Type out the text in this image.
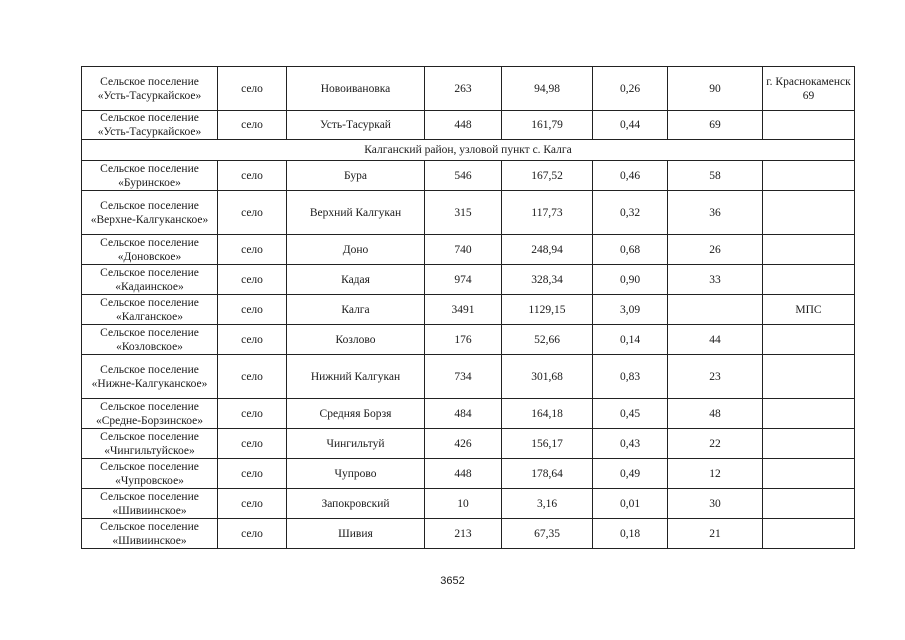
Сельское поселение «Усть-Тасуркайское»	село	Новоивановка	263	94,98	0,26	90	г. Краснокаменск 69
Сельское поселение «Усть-Тасуркайское»	село	Усть-Тасуркай	448	161,79	0,44	69	
Калганский район, узловой пункт с. Калга							
Сельское поселение «Буринское»	село	Бура	546	167,52	0,46	58	
Сельское поселение «Верхне-Калгуканское»	село	Верхний Калгукан	315	117,73	0,32	36	
Сельское поселение «Доновское»	село	Доно	740	248,94	0,68	26	
Сельское поселение «Кадаинское»	село	Кадая	974	328,34	0,90	33	
Сельское поселение «Калганское»	село	Калга	3491	1129,15	3,09		МПС
Сельское поселение «Козловское»	село	Козлово	176	52,66	0,14	44	
Сельское поселение «Нижне-Калгуканское»	село	Нижний Калгукан	734	301,68	0,83	23	
Сельское поселение «Средне-Борзинское»	село	Средняя Борзя	484	164,18	0,45	48	
Сельское поселение «Чингильтуйское»	село	Чингильтуй	426	156,17	0,43	22	
Сельское поселение «Чупровское»	село	Чупрово	448	178,64	0,49	12	
Сельское поселение «Шивиинское»	село	Запокровский	10	3,16	0,01	30	
Сельское поселение «Шивиинское»	село	Шивия	213	67,35	0,18	21	
3652
